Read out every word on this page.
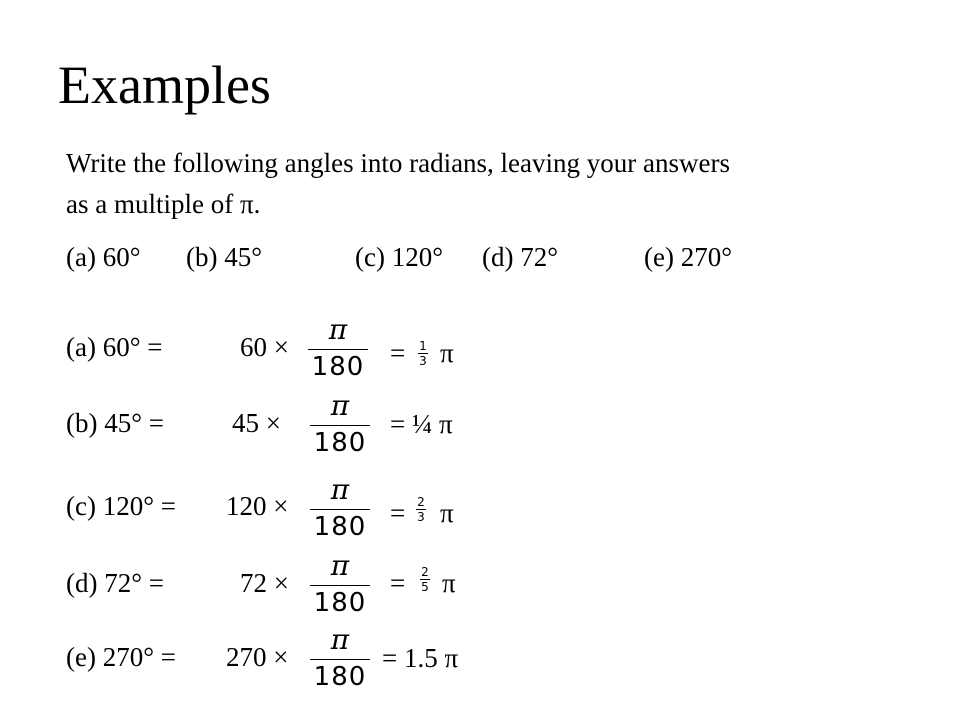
Examples
Write the following angles into radians, leaving your answers
as a multiple of π.
(a) 60° (b) 45°	(c) 120° (d) 72°	(e) 270°
(a) 60° =	60 ×
π
180 = 1
3 π
(b) 45° =	45 ×
π
180
= ¼ π
(c) 120° = 120 ×	π
180 = 2
3 π
(d) 72° =	72 ×
π
180
= 2
5 π
(e) 270° = 270 ×
π
180
= 1.5 π
